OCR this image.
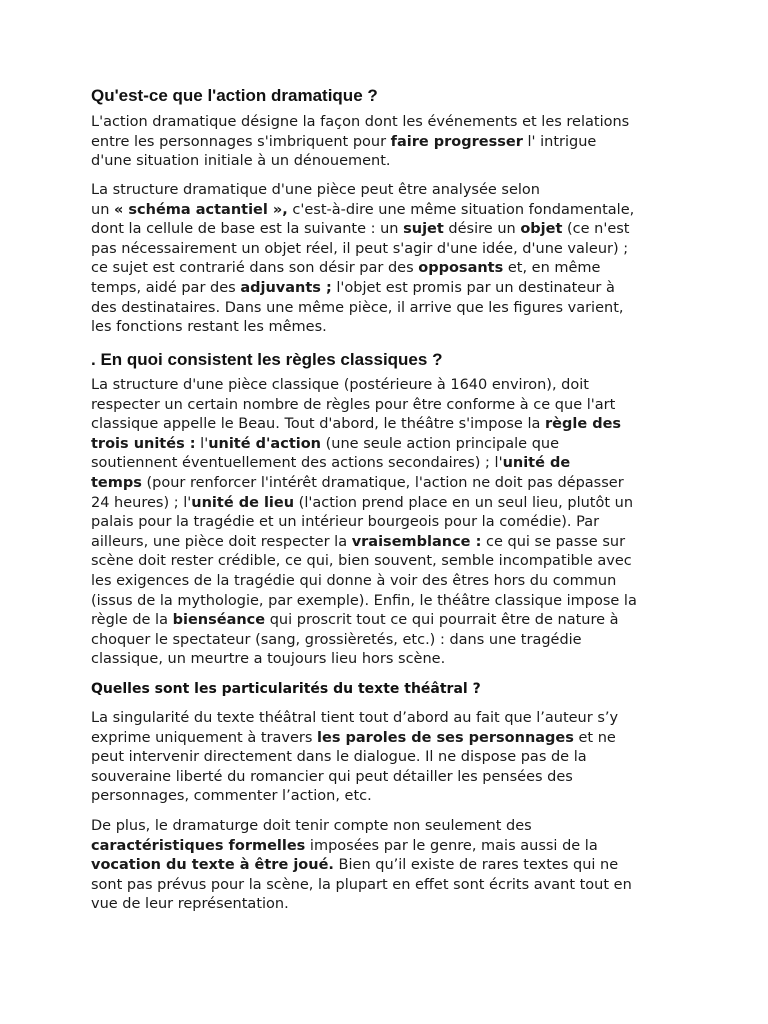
Qu'est-ce que l'action dramatique ?
L'action dramatique désigne la façon dont les événements et les relations
entre les personnages s'imbriquent pour faire progresser l' intrigue
d'une situation initiale à un dénouement.
La structure dramatique d'une pièce peut être analysée selon
un « schéma actantiel », c'est-à-dire une même situation fondamentale,
dont la cellule de base est la suivante : un sujet désire un objet (ce n'est
pas nécessairement un objet réel, il peut s'agir d'une idée, d'une valeur) ;
ce sujet est contrarié dans son désir par des opposants et, en même
temps, aidé par des adjuvants ; l'objet est promis par un destinateur à
des destinataires. Dans une même pièce, il arrive que les figures varient,
les fonctions restant les mêmes.
. En quoi consistent les règles classiques ?
La structure d'une pièce classique (postérieure à 1640 environ), doit
respecter un certain nombre de règles pour être conforme à ce que l'art
classique appelle le Beau. Tout d'abord, le théâtre s'impose la règle des
trois unités : l'unité d'action (une seule action principale que
soutiennent éventuellement des actions secondaires) ; l'unité de
temps (pour renforcer l'intérêt dramatique, l'action ne doit pas dépasser
24 heures) ; l'unité de lieu (l'action prend place en un seul lieu, plutôt un
palais pour la tragédie et un intérieur bourgeois pour la comédie). Par
ailleurs, une pièce doit respecter la vraisemblance : ce qui se passe sur
scène doit rester crédible, ce qui, bien souvent, semble incompatible avec
les exigences de la tragédie qui donne à voir des êtres hors du commun
(issus de la mythologie, par exemple). Enfin, le théâtre classique impose la
règle de la bienséance qui proscrit tout ce qui pourrait être de nature à
choquer le spectateur (sang, grossièretés, etc.) : dans une tragédie
classique, un meurtre a toujours lieu hors scène.
Quelles sont les particularités du texte théâtral ?
La singularité du texte théâtral tient tout d’abord au fait que l’auteur s’y
exprime uniquement à travers les paroles de ses personnages et ne
peut intervenir directement dans le dialogue. Il ne dispose pas de la
souveraine liberté du romancier qui peut détailler les pensées des
personnages, commenter l’action, etc.
De plus, le dramaturge doit tenir compte non seulement des
caractéristiques formelles imposées par le genre, mais aussi de la
vocation du texte à être joué. Bien qu’il existe de rares textes qui ne
sont pas prévus pour la scène, la plupart en effet sont écrits avant tout en
vue de leur représentation.
